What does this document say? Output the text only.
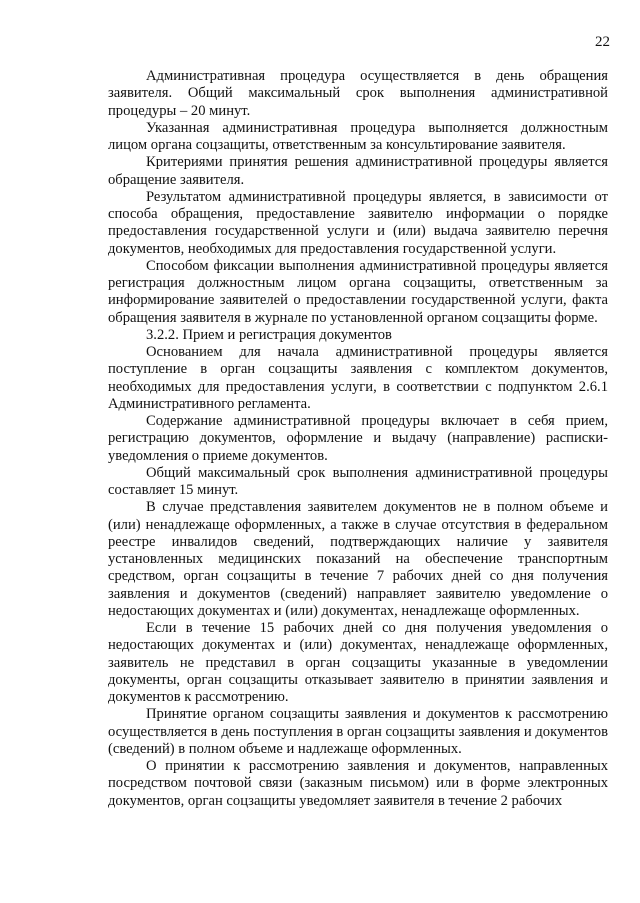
22

Административная процедура осуществляется в день обращения заявителя. Общий максимальный срок выполнения административной процедуры – 20 минут.

Указанная административная процедура выполняется должностным лицом органа соцзащиты, ответственным за консультирование заявителя.

Критериями принятия решения административной процедуры является обращение заявителя.

Результатом административной процедуры является, в зависимости от способа обращения, предоставление заявителю информации о порядке предоставления государственной услуги и (или) выдача заявителю перечня документов, необходимых для предоставления государственной услуги.

Способом фиксации выполнения административной процедуры является регистрация должностным лицом органа соцзащиты, ответственным за информирование заявителей о предоставлении государственной услуги, факта обращения заявителя в журнале по установленной органом соцзащиты форме.

3.2.2. Прием и регистрация документов

Основанием для начала административной процедуры является поступление в орган соцзащиты заявления с комплектом документов, необходимых для предоставления услуги, в соответствии с подпунктом 2.6.1 Административного регламента.

Содержание административной процедуры включает в себя прием, регистрацию документов, оформление и выдачу (направление) расписки-уведомления о приеме документов.

Общий максимальный срок выполнения административной процедуры составляет 15 минут.

В случае представления заявителем документов не в полном объеме и (или) ненадлежаще оформленных, а также в случае отсутствия в федеральном реестре инвалидов сведений, подтверждающих наличие у заявителя установленных медицинских показаний на обеспечение транспортным средством, орган соцзащиты в течение 7 рабочих дней со дня получения заявления и документов (сведений) направляет заявителю уведомление о недостающих документах и (или) документах, ненадлежаще оформленных.

Если в течение 15 рабочих дней со дня получения уведомления о недостающих документах и (или) документах, ненадлежаще оформленных, заявитель не представил в орган соцзащиты указанные в уведомлении документы, орган соцзащиты отказывает заявителю в принятии заявления и документов к рассмотрению.

Принятие органом соцзащиты заявления и документов к рассмотрению осуществляется в день поступления в орган соцзащиты заявления и документов (сведений) в полном объеме и надлежаще оформленных.

О принятии к рассмотрению заявления и документов, направленных посредством почтовой связи (заказным письмом) или в форме электронных документов, орган соцзащиты уведомляет заявителя в течение 2 рабочих
